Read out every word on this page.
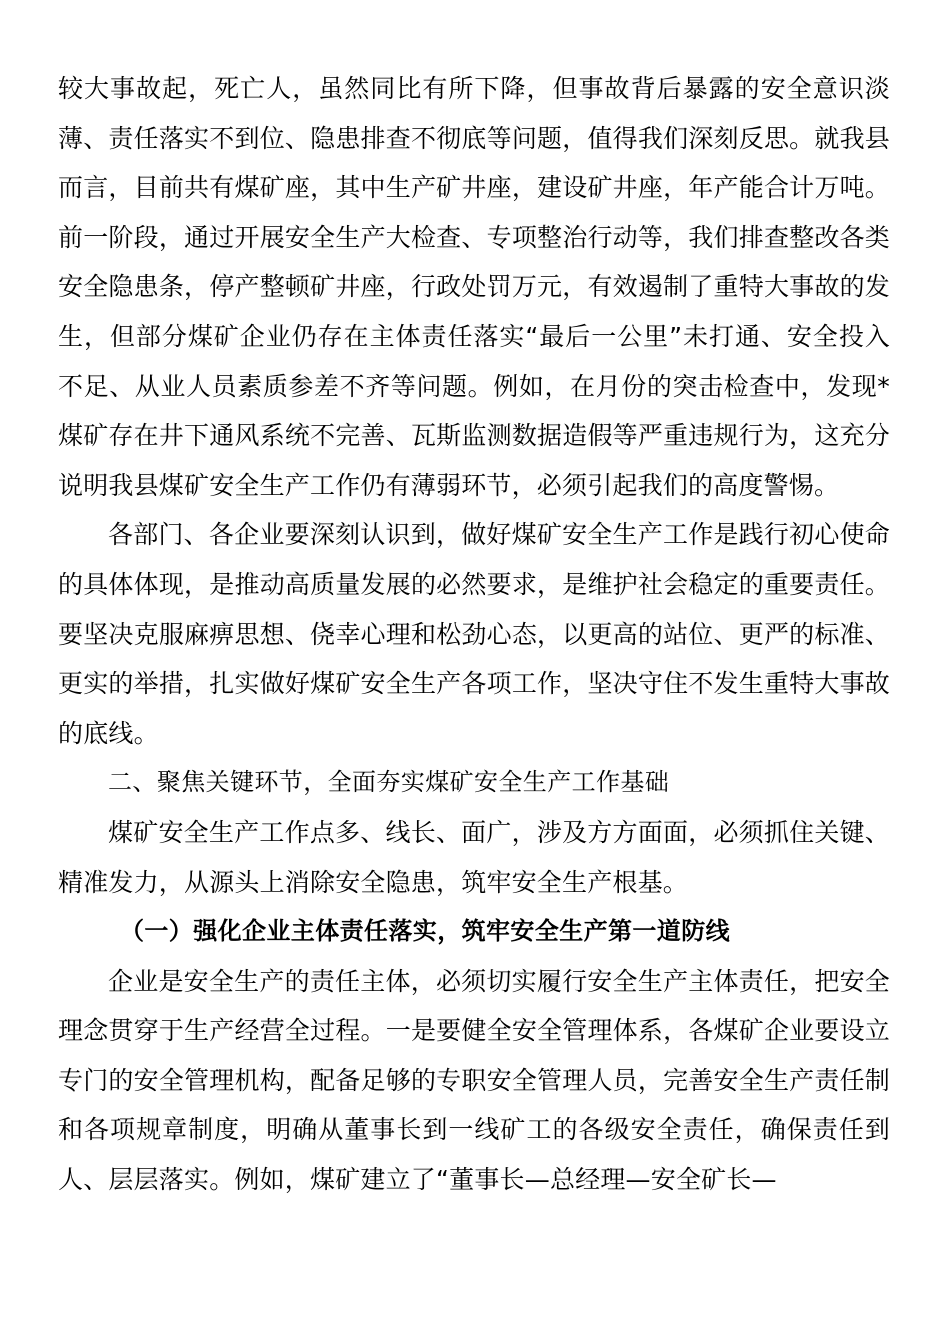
较大事故起，死亡人，虽然同比有所下降，但事故背后暴露的安全意识淡薄、责任落实不到位、隐患排查不彻底等问题，值得我们深刻反思。就我县而言，目前共有煤矿座，其中生产矿井座，建设矿井座，年产能合计万吨。前一阶段，通过开展安全生产大检查、专项整治行动等，我们排查整改各类安全隐患条，停产整顿矿井座，行政处罚万元，有效遏制了重特大事故的发生，但部分煤矿企业仍存在主体责任落实“最后一公里”未打通、安全投入不足、从业人员素质参差不齐等问题。例如，在月份的突击检查中，发现*煤矿存在井下通风系统不完善、瓦斯监测数据造假等严重违规行为，这充分说明我县煤矿安全生产工作仍有薄弱环节，必须引起我们的高度警惕。

各部门、各企业要深刻认识到，做好煤矿安全生产工作是践行初心使命的具体体现，是推动高质量发展的必然要求，是维护社会稳定的重要责任。要坚决克服麻痹思想、侥幸心理和松劲心态，以更高的站位、更严的标准、更实的举措，扎实做好煤矿安全生产各项工作，坚决守住不发生重特大事故的底线。

二、聚焦关键环节，全面夯实煤矿安全生产工作基础

煤矿安全生产工作点多、线长、面广，涉及方方面面，必须抓住关键、精准发力，从源头上消除安全隐患，筑牢安全生产根基。

（一）强化企业主体责任落实，筑牢安全生产第一道防线

企业是安全生产的责任主体，必须切实履行安全生产主体责任，把安全理念贯穿于生产经营全过程。一是要健全安全管理体系，各煤矿企业要设立专门的安全管理机构，配备足够的专职安全管理人员，完善安全生产责任制和各项规章制度，明确从董事长到一线矿工的各级安全责任，确保责任到人、层层落实。例如，煤矿建立了“董事长—总经理—安全矿长—
